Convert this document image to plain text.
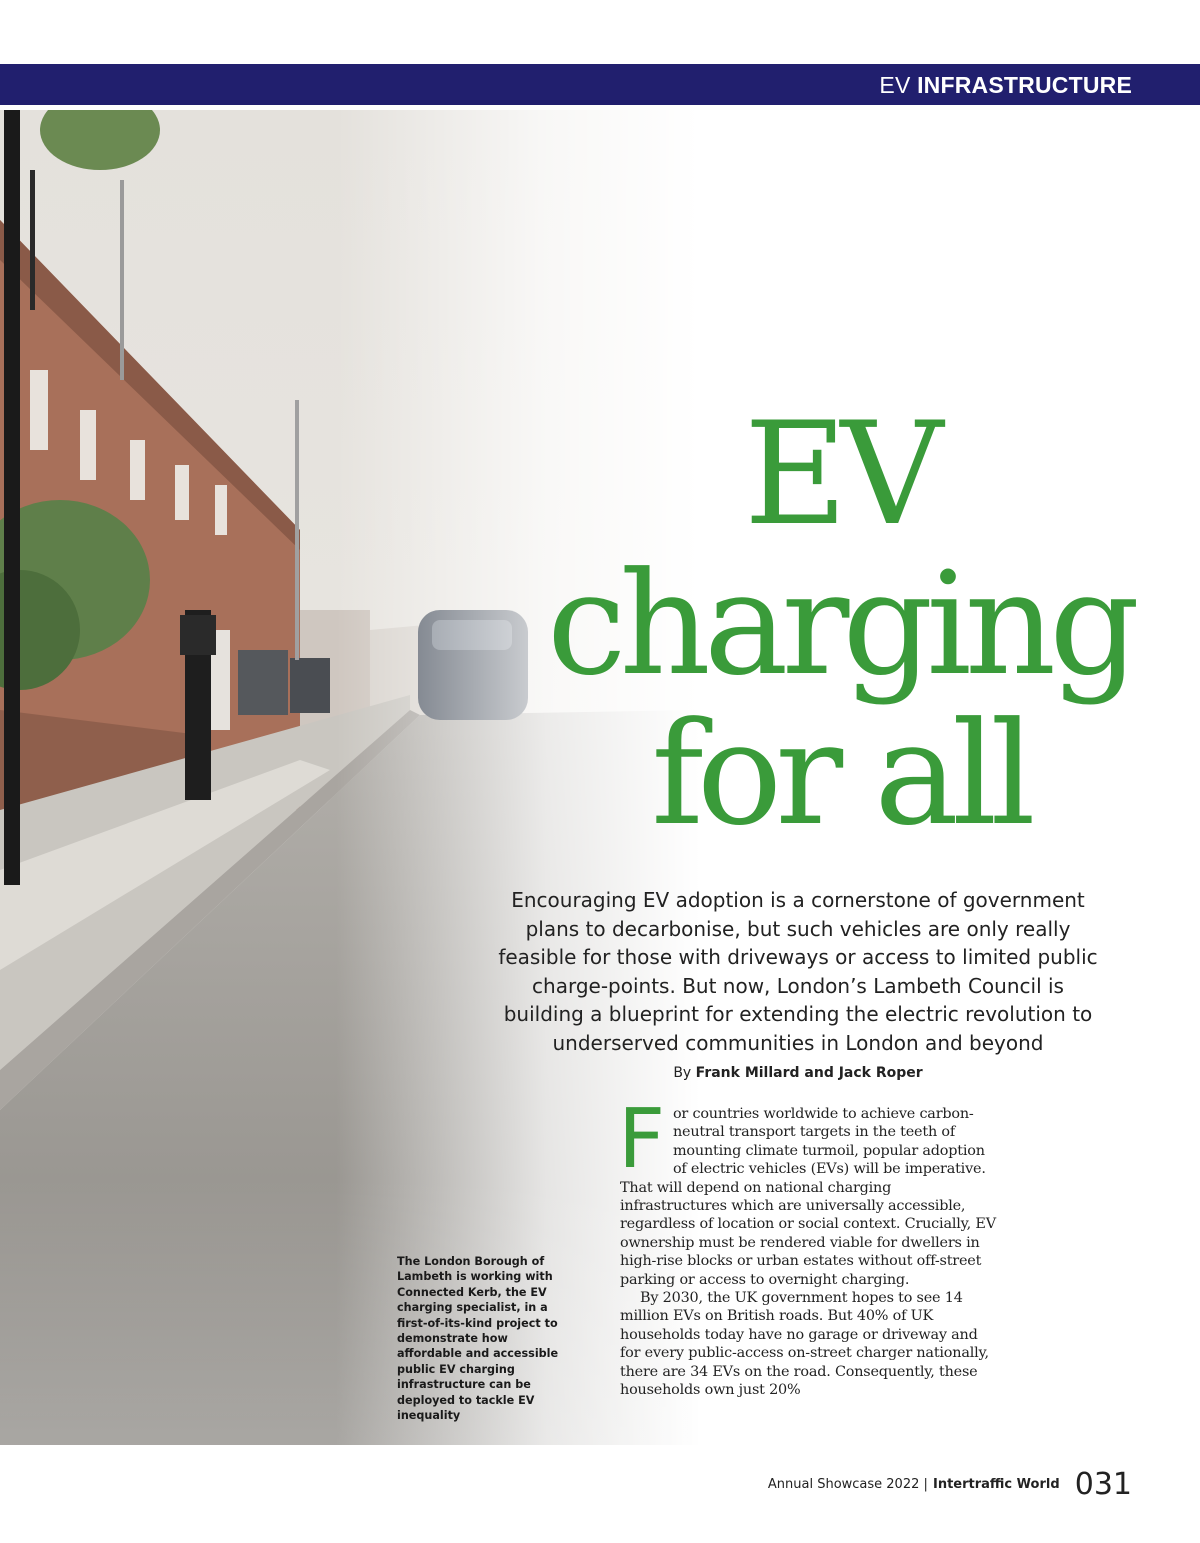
EV INFRASTRUCTURE
EV
charging
for all
Encouraging EV adoption is a cornerstone of government plans to decarbonise, but such vehicles are only really feasible for those with driveways or access to limited public charge-points. But now, London’s Lambeth Council is building a blueprint for extending the electric revolution to underserved communities in London and beyond
By Frank Millard and Jack Roper
The London Borough of Lambeth is working with Connected Kerb, the EV charging specialist, in a first-of-its-kind project to demonstrate how affordable and accessible public EV charging infrastructure can be deployed to tackle EV inequality
F or countries worldwide to achieve carbon-neutral transport targets in the teeth of mounting climate turmoil, popular adoption of electric vehicles (EVs) will be imperative. That will depend on national charging infrastructures which are universally accessible, regardless of location or social context. Crucially, EV ownership must be rendered viable for dwellers in high-rise blocks or urban estates without off-street parking or access to overnight charging.

By 2030, the UK government hopes to see 14 million EVs on British roads. But 40% of UK households today have no garage or driveway and for every public-access on-street charger nationally, there are 34 EVs on the road. Consequently, these households own just 20%

Annual Showcase 2022 | Intertraffic World 031
